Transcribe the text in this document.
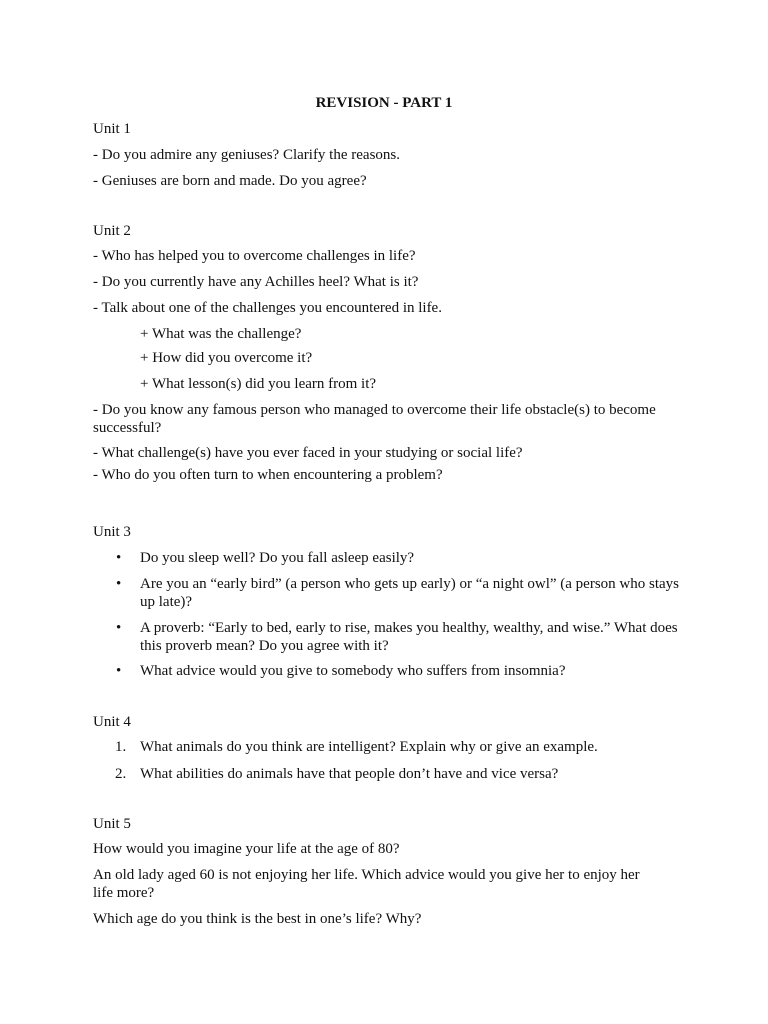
REVISION - PART 1
Unit 1
- Do you admire any geniuses? Clarify the reasons.
- Geniuses are born and made. Do you agree?
Unit 2
- Who has helped you to overcome challenges in life?
- Do you currently have any Achilles heel? What is it?
- Talk about one of the challenges you encountered in life.
+ What was the challenge?
+ How did you overcome it?
+ What lesson(s) did you learn from it?
- Do you know any famous person who managed to overcome their life obstacle(s) to become successful?
- What challenge(s) have you ever faced in your studying or social life?
- Who do you often turn to when encountering a problem?
Unit 3
• Do you sleep well? Do you fall asleep easily?
• Are you an “early bird” (a person who gets up early) or “a night owl” (a person who stays up late)?
• A proverb: “Early to bed, early to rise, makes you healthy, wealthy, and wise.” What does this proverb mean? Do you agree with it?
• What advice would you give to somebody who suffers from insomnia?
Unit 4
1. What animals do you think are intelligent? Explain why or give an example.
2. What abilities do animals have that people don’t have and vice versa?
Unit 5
How would you imagine your life at the age of 80?
An old lady aged 60 is not enjoying her life. Which advice would you give her to enjoy her life more?
Which age do you think is the best in one’s life? Why?
